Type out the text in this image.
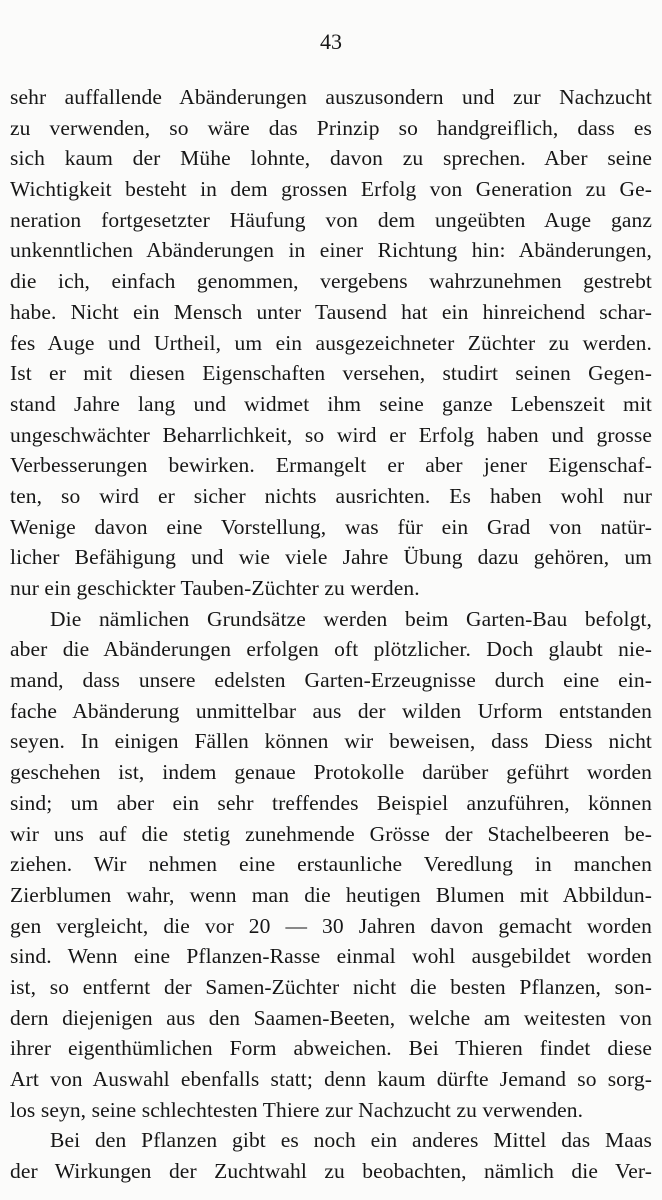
43
sehr auffallende Abänderungen auszusondern und zur Nachzucht
zu verwenden, so wäre das Prinzip so handgreiflich, dass es
sich kaum der Mühe lohnte, davon zu sprechen. Aber seine
Wichtigkeit besteht in dem grossen Erfolg von Generation zu Ge-
neration fortgesetzter Häufung von dem ungeübten Auge ganz
unkenntlichen Abänderungen in einer Richtung hin: Abänderungen,
die ich, einfach genommen, vergebens wahrzunehmen gestrebt
habe. Nicht ein Mensch unter Tausend hat ein hinreichend schar-
fes Auge und Urtheil, um ein ausgezeichneter Züchter zu werden.
Ist er mit diesen Eigenschaften versehen, studirt seinen Gegen-
stand Jahre lang und widmet ihm seine ganze Lebenszeit mit
ungeschwächter Beharrlichkeit, so wird er Erfolg haben und grosse
Verbesserungen bewirken. Ermangelt er aber jener Eigenschaf-
ten, so wird er sicher nichts ausrichten. Es haben wohl nur
Wenige davon eine Vorstellung, was für ein Grad von natür-
licher Befähigung und wie viele Jahre Übung dazu gehören, um
nur ein geschickter Tauben-Züchter zu werden.
Die nämlichen Grundsätze werden beim Garten-Bau befolgt,
aber die Abänderungen erfolgen oft plötzlicher. Doch glaubt nie-
mand, dass unsere edelsten Garten-Erzeugnisse durch eine ein-
fache Abänderung unmittelbar aus der wilden Urform entstanden
seyen. In einigen Fällen können wir beweisen, dass Diess nicht
geschehen ist, indem genaue Protokolle darüber geführt worden
sind; um aber ein sehr treffendes Beispiel anzuführen, können
wir uns auf die stetig zunehmende Grösse der Stachelbeeren be-
ziehen. Wir nehmen eine erstaunliche Veredlung in manchen
Zierblumen wahr, wenn man die heutigen Blumen mit Abbildun-
gen vergleicht, die vor 20 — 30 Jahren davon gemacht worden
sind. Wenn eine Pflanzen-Rasse einmal wohl ausgebildet worden
ist, so entfernt der Samen-Züchter nicht die besten Pflanzen, son-
dern diejenigen aus den Saamen-Beeten, welche am weitesten von
ihrer eigenthümlichen Form abweichen. Bei Thieren findet diese
Art von Auswahl ebenfalls statt; denn kaum dürfte Jemand so sorg-
los seyn, seine schlechtesten Thiere zur Nachzucht zu verwenden.
Bei den Pflanzen gibt es noch ein anderes Mittel das Maas
der Wirkungen der Zuchtwahl zu beobachten, nämlich die Ver-
